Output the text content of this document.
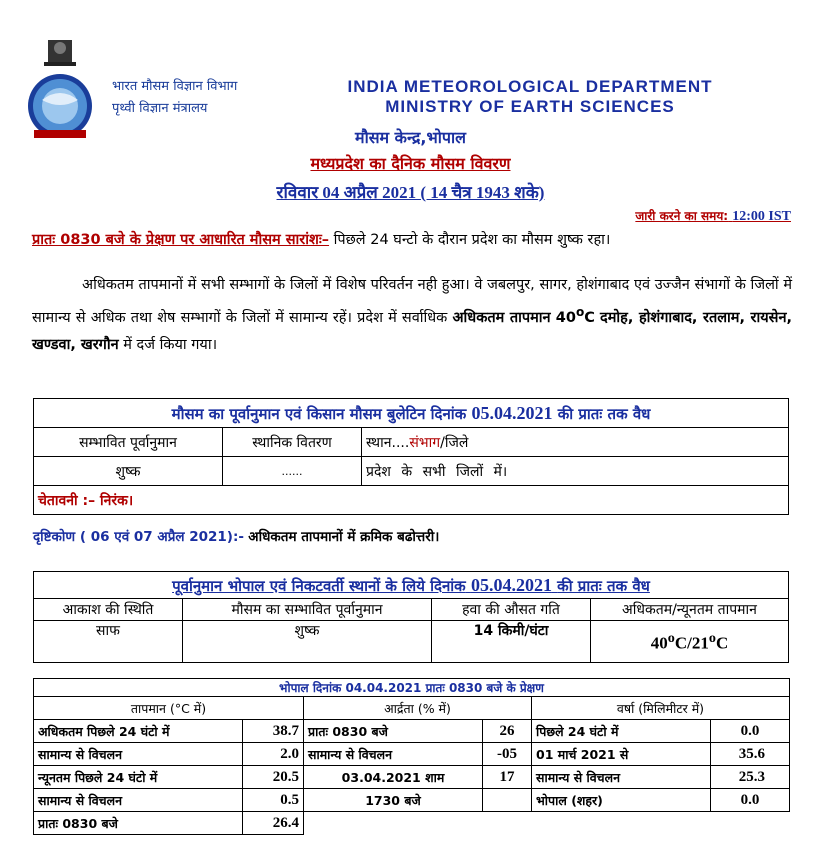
भारत मौसम विज्ञान विभाग
पृथ्वी विज्ञान मंत्रालय
INDIA METEOROLOGICAL DEPARTMENT
MINISTRY OF EARTH SCIENCES
मौसम केन्द्र,भोपाल
मध्यप्रदेश का दैनिक मौसम विवरण
रविवार 04 अप्रैल 2021 ( 14 चैत्र 1943 शके)
जारी करने का समय: 12:00 IST
प्रातः 0830 बजे के प्रेक्षण पर आधारित मौसम सारांशः– पिछले 24 घन्टो के दौरान प्रदेश का मौसम शुष्क रहा।
अधिकतम तापमानों में सभी सम्भागों के जिलों में विशेष परिवर्तन नही हुआ। वे जबलपुर, सागर, होशंगाबाद एवं उज्जैन संभागों के जिलों में सामान्य से अधिक तथा शेष सम्भागों के जिलों में सामान्य रहें। प्रदेश में सर्वाधिक अधिकतम तापमान 40$^o$C दमोह, होशंगाबाद, रतलाम, रायसेन, खण्डवा, खरगौन में दर्ज किया गया।
मौसम का पूर्वानुमान एवं किसान मौसम बुलेटिन दिनांक 05.04.2021 की प्रातः तक वैध		
सम्भावित पूर्वानुमान	स्थानिक वितरण	स्थान....संभाग/जिले
शुष्क	......	प्रदेश के सभी जिलों में।
चेतावनी :– निरंक।		
दृष्टिकोण ( 06 एवं 07 अप्रैल 2021):- अधिकतम तापमानों में क्रमिक बढोत्तरी।
पूर्वानुमान भोपाल एवं निकटवर्ती स्थानों के लिये दिनांक 05.04.2021 की प्रातः तक वैध			
आकाश की स्थिति	मौसम का सम्भावित पूर्वानुमान	हवा की औसत गति	अधिकतम/न्यूनतम तापमान
साफ	शुष्क	14 किमी/घंटा	40$^o$C/21$^o$C
भोपाल दिनांक 04.04.2021 प्रातः 0830 बजे के प्रेक्षण					
तापमान (°C में)		आर्द्रता (% में)		वर्षा (मिलिमीटर में)	
अधिकतम पिछले 24 घंटो में	38.7	प्रातः 0830 बजे	26	पिछले 24 घंटो में	0.0
सामान्य से विचलन	2.0	सामान्य से विचलन	-05	01 मार्च 2021 से	35.6
न्यूनतम पिछले 24 घंटो में	20.5	03.04.2021 शाम	17	सामान्य से विचलन	25.3
सामान्य से विचलन	0.5	1730 बजे		भोपाल (शहर)	0.0
प्रातः 0830 बजे	26.4				
